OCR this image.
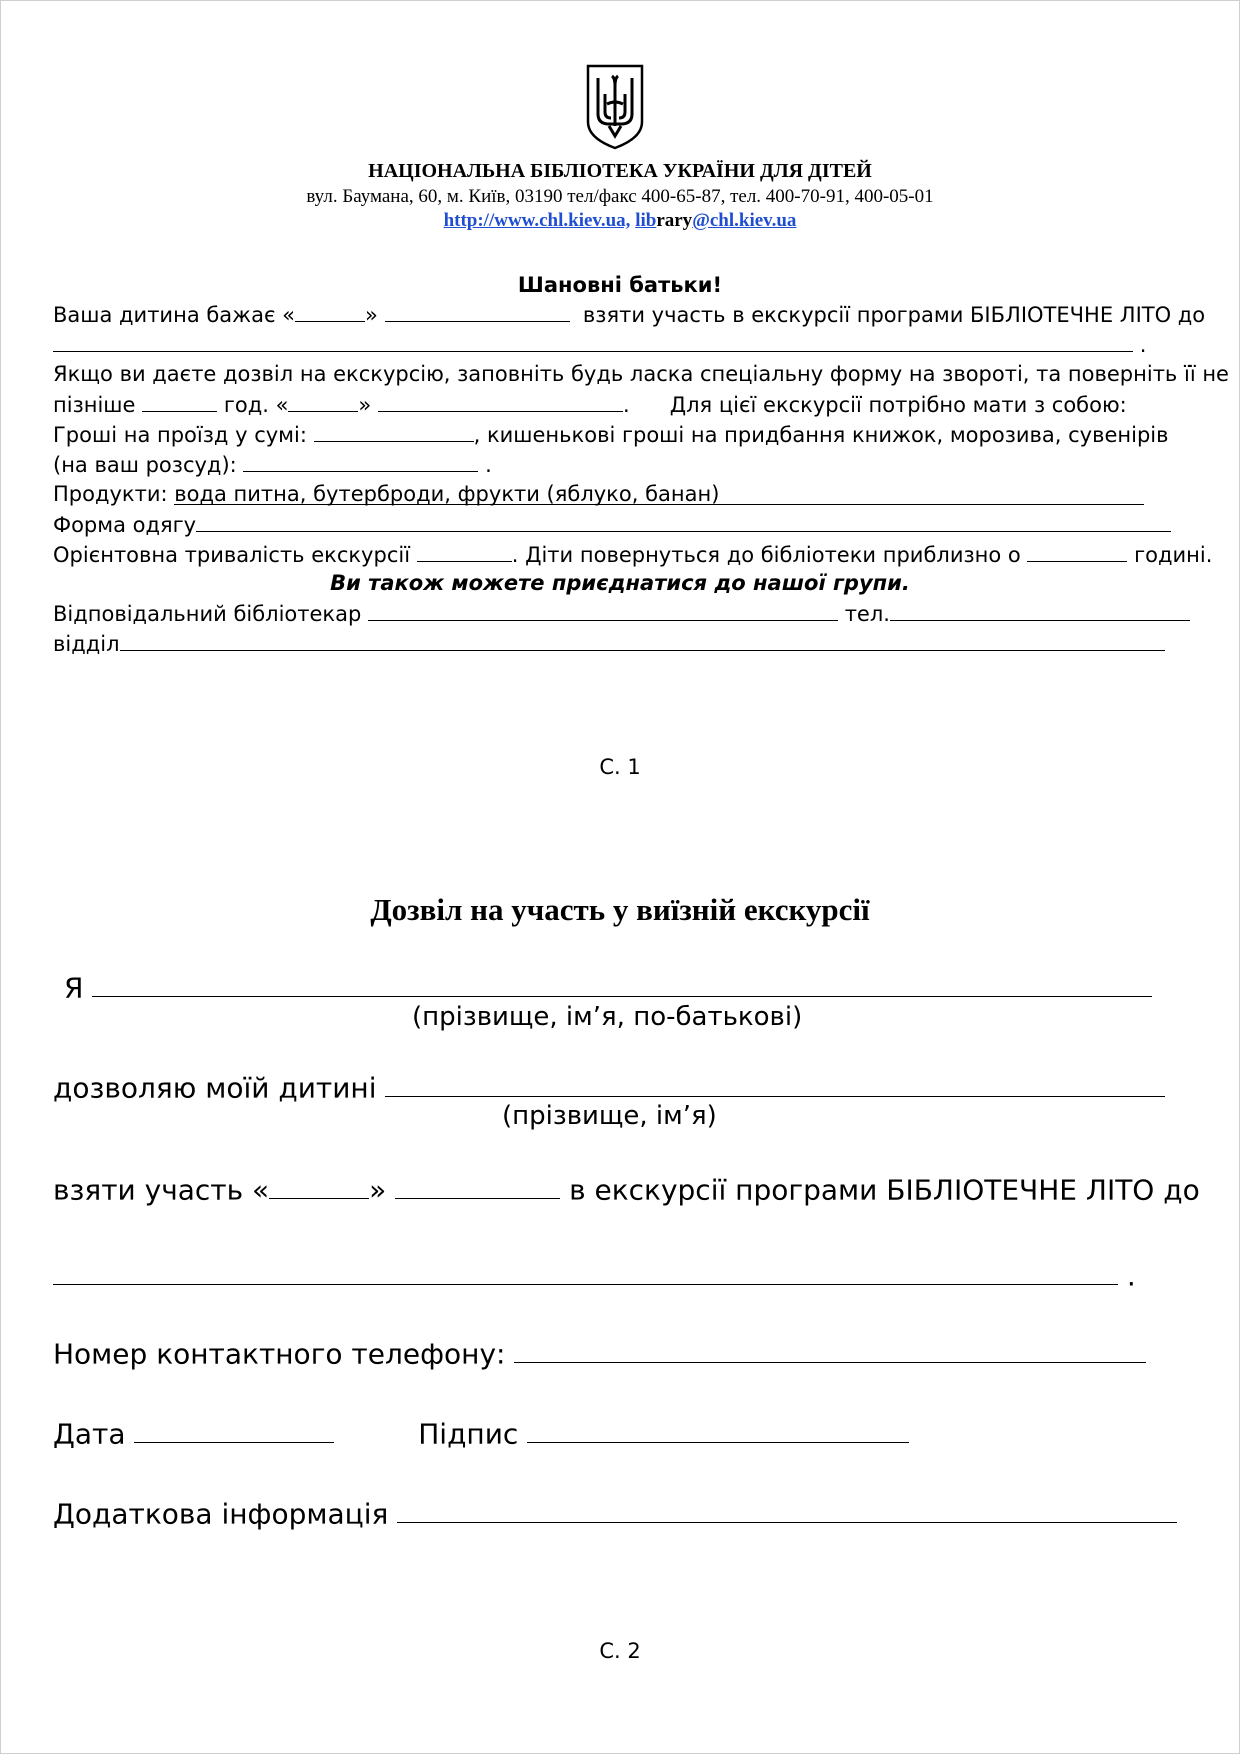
НАЦІОНАЛЬНА БІБЛІОТЕКА УКРАЇНИ ДЛЯ ДІТЕЙ
вул. Баумана, 60, м. Київ, 03190 тел/факс 400-65-87, тел. 400-70-91, 400-05-01
http://www.chl.kiev.ua, library@chl.kiev.ua
Шановні батьки!
Ваша дитина бажає «	»	взяти участь в екскурсії програми БІБЛІОТЕЧНЕ ЛІТО до
.
Якщо ви даєте дозвіл на екскурсію, заповніть будь ласка спеціальну форму на звороті, та поверніть її не
пізніше	год. «	»	. Для цієї екскурсії потрібно мати з собою:
Гроші на проїзд у сумі:	, кишенькові гроші на придбання книжок, морозива, сувенірів
(на ваш розсуд):	.
Продукти: вода питна, бутерброди, фрукти (яблуко, банан)
Форма одягу
Орієнтовна тривалість екскурсії	. Діти повернуться до бібліотеки приблизно о	годині.
Ви також можете приєднатися до нашої групи.
Відповідальний бібліотекар	тел.
відділ
С. 1
Дозвіл на участь у виїзній екскурсії
Я
(прізвище, ім’я, по-батькові)
дозволяю моїй дитині
(прізвище, ім’я)
взяти участь «	»	в екскурсії програми БІБЛІОТЕЧНЕ ЛІТО до
.
Номер контактного телефону:
Дата	Підпис
Додаткова інформація
С. 2
